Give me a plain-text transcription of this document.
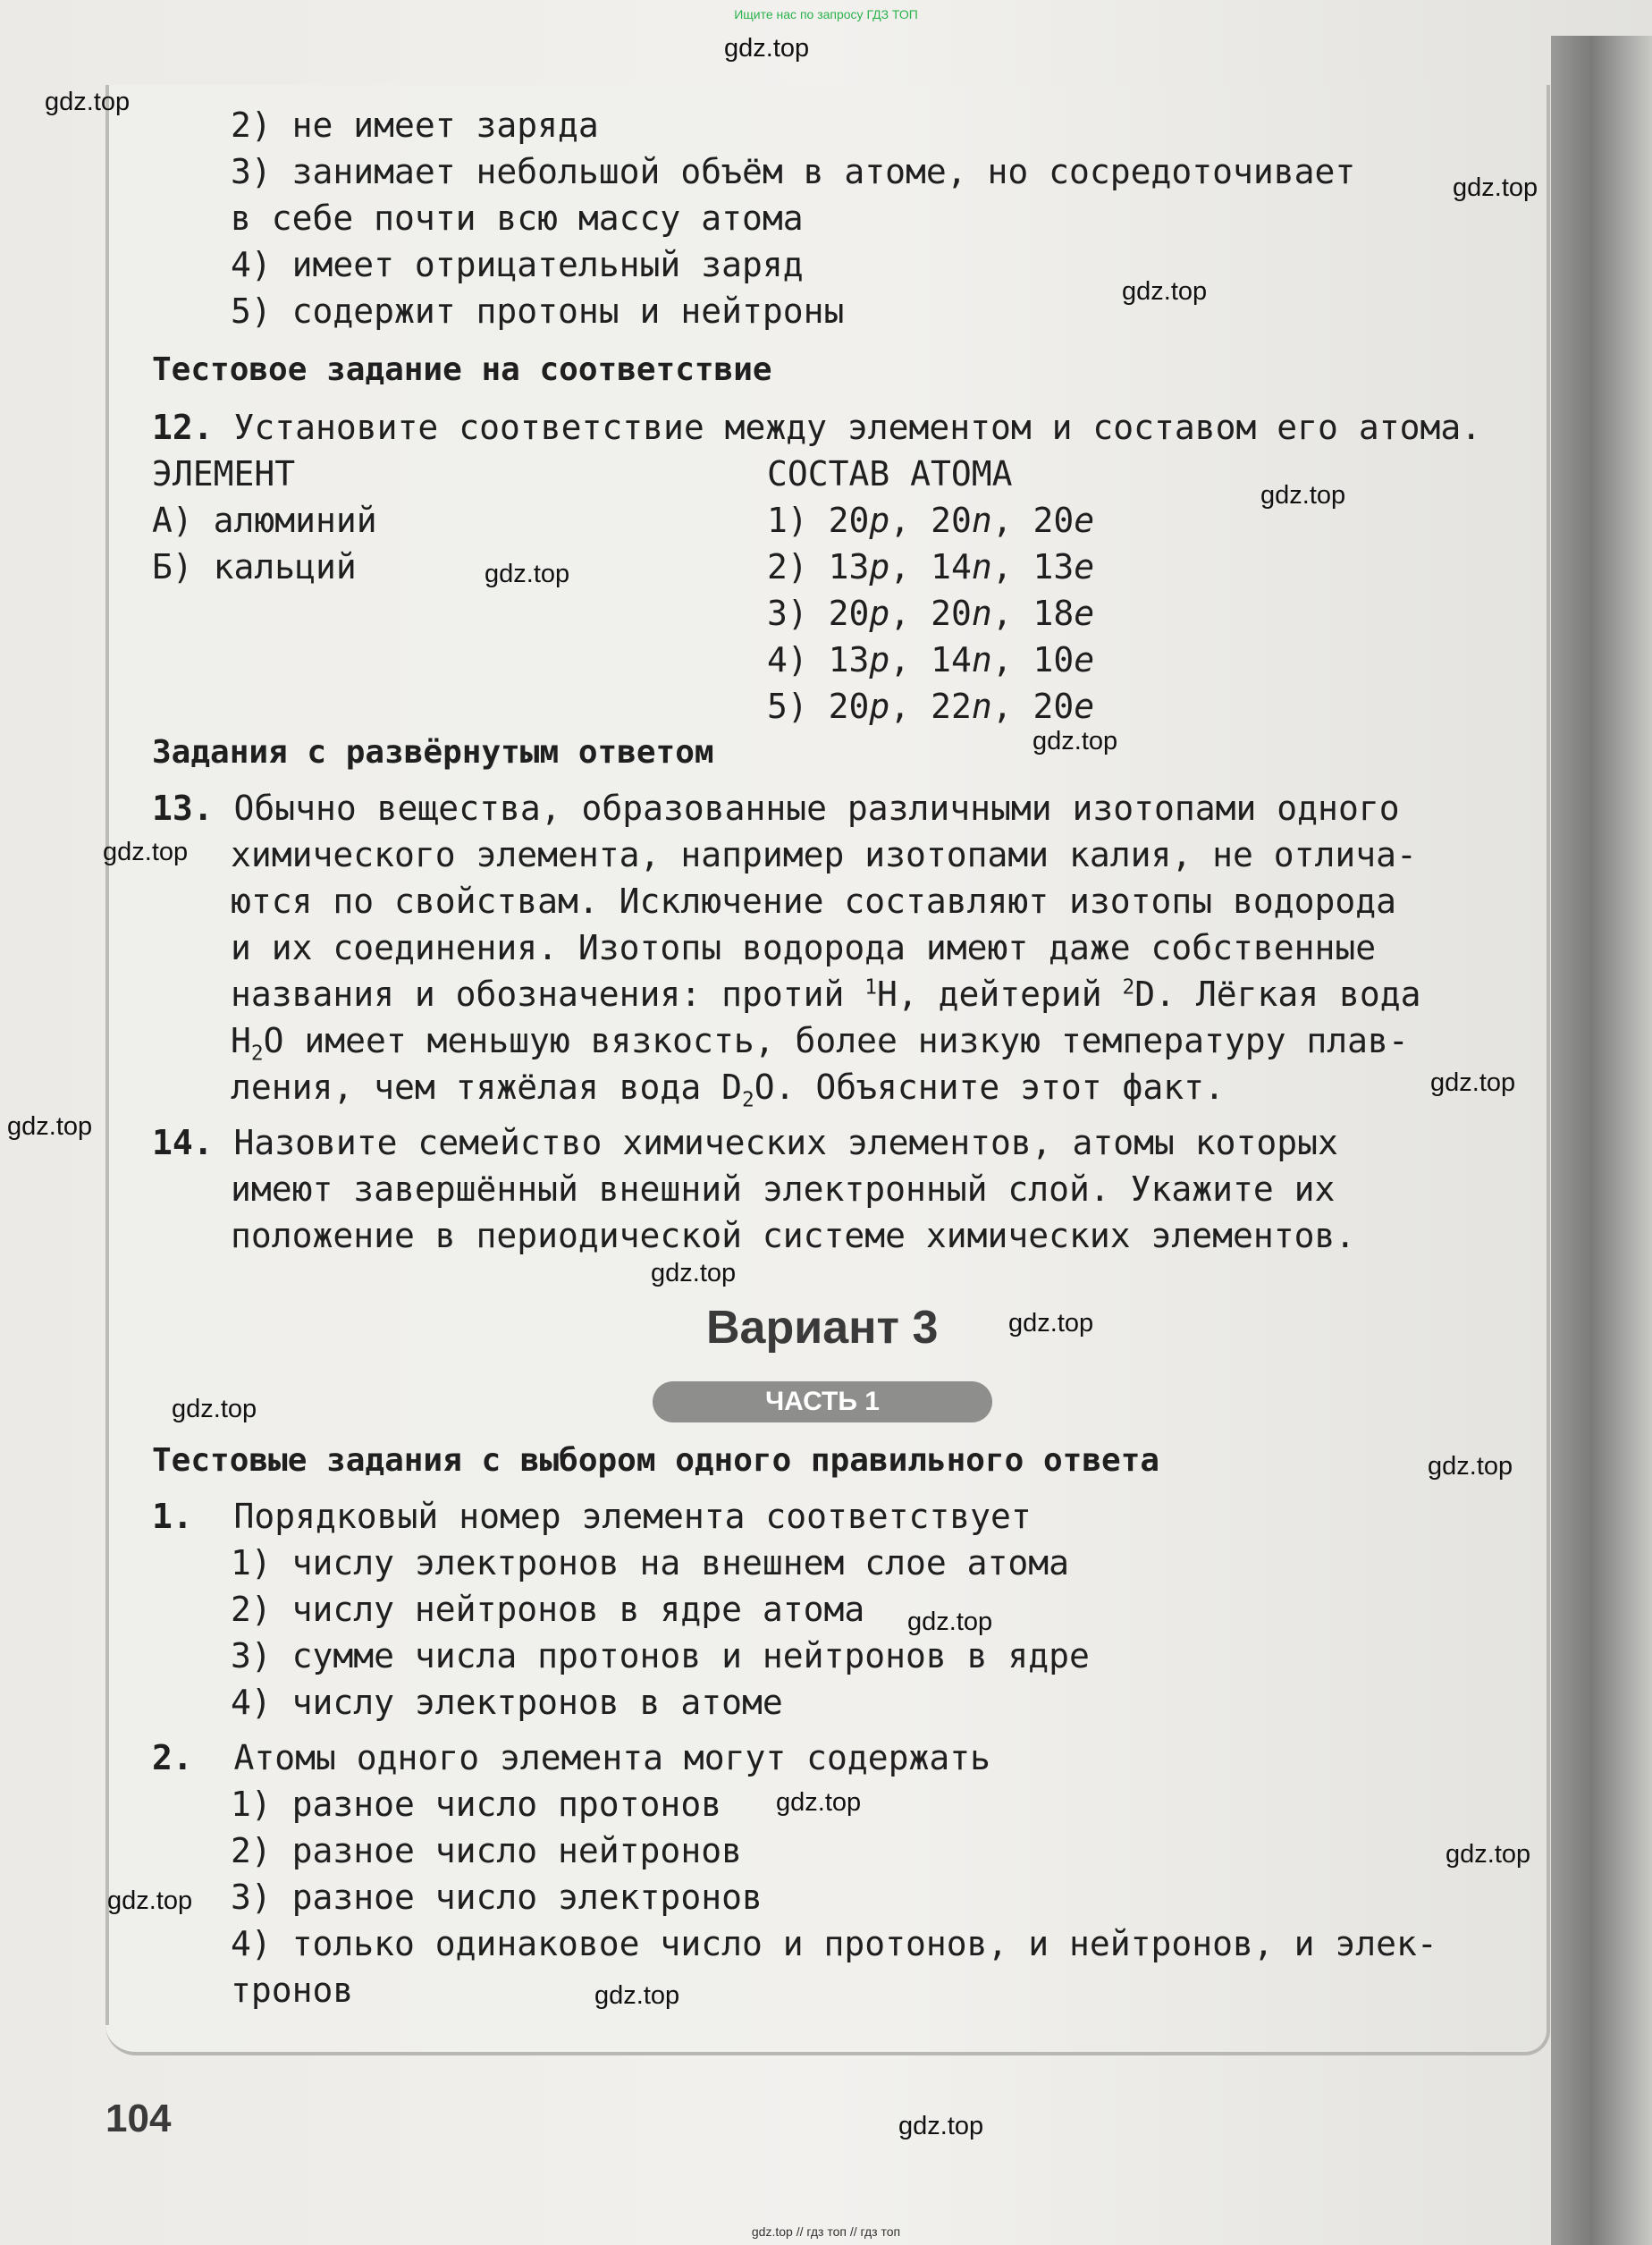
Ищите нас по запросу ГДЗ ТОП
2) не имеет заряда
3) занимает небольшой объём в атоме, но сосредоточивает
в себе почти всю массу атома
4) имеет отрицательный заряд
5) содержит протоны и нейтроны
Тестовое задание на соответствие
12. Установите соответствие между элементом и составом его атома.
ЭЛЕМЕНТ	СОСТАВ АТОМА
А) алюминий
Б) кальций
1) 20p, 20n, 20e
2) 13p, 14n, 13e
3) 20p, 20n, 18e
4) 13p, 14n, 10e
5) 20p, 22n, 20e
Задания с развёрнутым ответом
13. Обычно вещества, образованные различными изотопами одного
химического элемента, например изотопами калия, не отлича-
ются по свойствам. Исключение составляют изотопы водорода
и их соединения. Изотопы водорода имеют даже собственные
названия и обозначения: протий $^1$H, дейтерий $^2$D. Лёгкая вода
$H_2O$ имеет меньшую вязкость, более низкую температуру плав-
ления, чем тяжёлая вода $D_2O$. Объясните этот факт.
14. Назовите семейство химических элементов, атомы которых
имеют завершённый внешний электронный слой. Укажите их
положение в периодической системе химических элементов.
Вариант 3
ЧАСТЬ 1
Тестовые задания с выбором одного правильного ответа
1. Порядковый номер элемента соответствует
1) числу электронов на внешнем слое атома
2) числу нейтронов в ядре атома
3) сумме числа протонов и нейтронов в ядре
4) числу электронов в атоме
2. Атомы одного элемента могут содержать
1) разное число протонов
2) разное число нейтронов
3) разное число электронов
4) только одинаковое число и протонов, и нейтронов, и элек-
тронов
104
gdz.top
gdz.top
gdz.top
gdz.top
gdz.top
gdz.top
gdz.top
gdz.top
gdz.top
gdz.top
gdz.top
gdz.top
gdz.top
gdz.top
gdz.top
gdz.top
gdz.top
gdz.top
gdz.top
gdz.top
gdz.top // гдз топ // гдз топ
